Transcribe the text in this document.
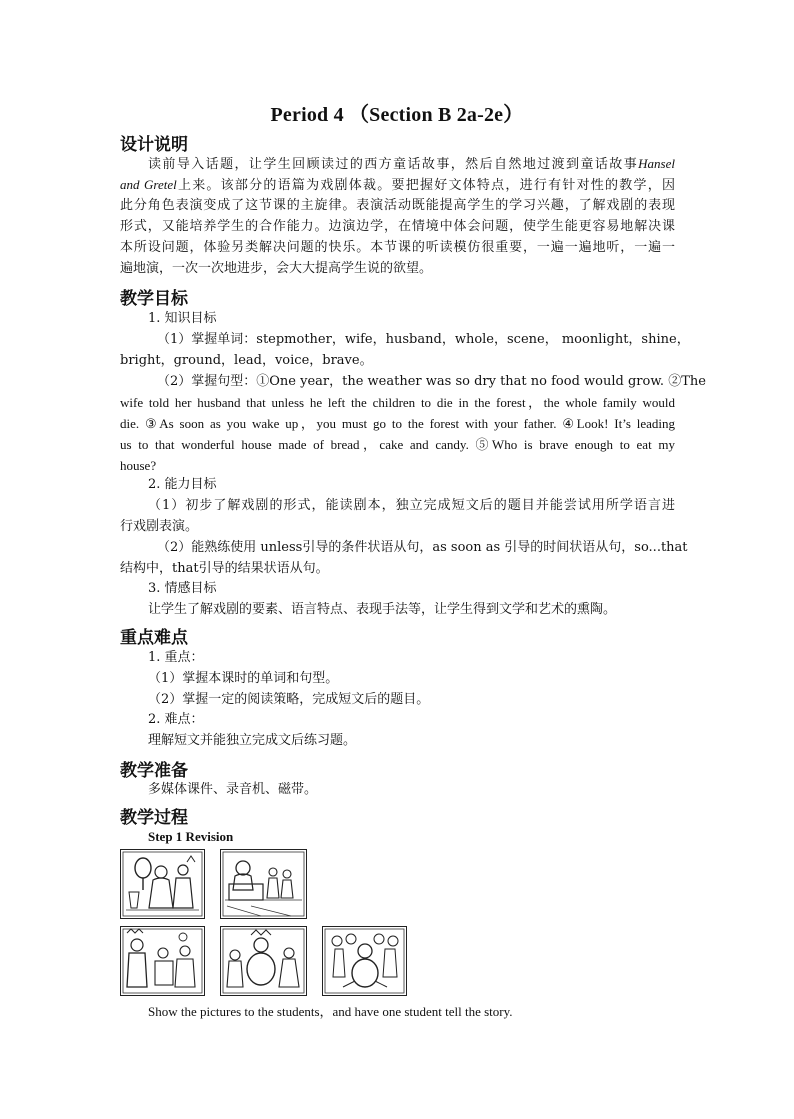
Period 4 （Section B 2a-2e）
设计说明
读前导入话题，让学生回顾读过的西方童话故事，然后自然地过渡到童话故事Hansel
and Gretel上来。该部分的语篇为戏剧体裁。要把握好文体特点，进行有针对性的教学，因
此分角色表演变成了这节课的主旋律。表演活动既能提高学生的学习兴趣，了解戏剧的表现
形式，又能培养学生的合作能力。边演边学，在情境中体会问题，使学生能更容易地解决课
本所设问题，体验另类解决问题的快乐。本节课的听读模仿很重要，一遍一遍地听，一遍一
遍地演，一次一次地进步，会大大提高学生说的欲望。
教学目标
1. 知识目标
（1）掌握单词：stepmother，wife，husband，whole，scene， moonlight，shine，
bright，ground，lead，voice，brave。
（2）掌握句型：①One year，the weather was so dry that no food would grow. ②The
wife told her husband that unless he left the children to die in the forest，the whole family would
die. ③As soon as you wake up，you must go to the forest with your father. ④Look! It’s leading
us to that wonderful house made of bread，cake and candy. ⑤Who is brave enough to eat my
house?
2. 能力目标
（1）初步了解戏剧的形式，能读剧本，独立完成短文后的题目并能尝试用所学语言进
行戏剧表演。
（2）能熟练使用 unless引导的条件状语从句，as soon as 引导的时间状语从句，so...that
结构中，that引导的结果状语从句。
3. 情感目标
让学生了解戏剧的要素、语言特点、表现手法等，让学生得到文学和艺术的熏陶。
重点难点
1. 重点：
（1）掌握本课时的单词和句型。
（2）掌握一定的阅读策略，完成短文后的题目。
2. 难点：
理解短文并能独立完成文后练习题。
教学准备
多媒体课件、录音机、磁带。
教学过程
Step 1 Revision
Show the pictures to the students，and have one student tell the story.
